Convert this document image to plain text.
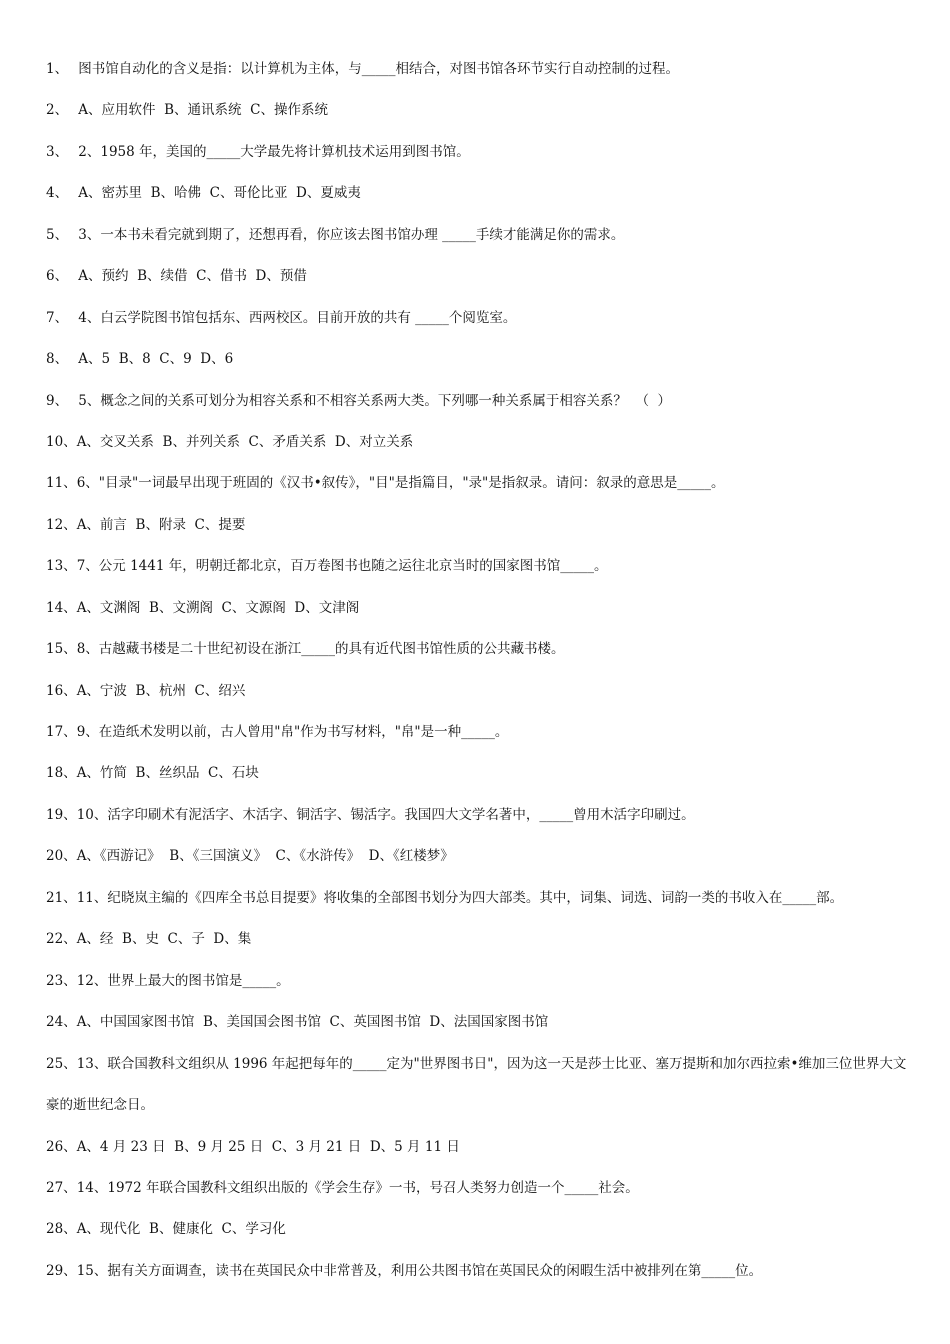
1、 图书馆自动化的含义是指：以计算机为主体，与_____相结合，对图书馆各环节实行自动控制的过程。
2、 A、应用软件  B、通讯系统  C、操作系统
3、 2、1958 年，美国的_____大学最先将计算机技术运用到图书馆。
4、 A、密苏里  B、哈佛  C、哥伦比亚  D、夏威夷
5、 3、一本书未看完就到期了，还想再看，你应该去图书馆办理 _____手续才能满足你的需求。
6、 A、预约  B、续借  C、借书  D、预借
7、 4、白云学院图书馆包括东、西两校区。目前开放的共有 _____个阅览室。
8、 A、5  B、8  C、9  D、6
9、 5、概念之间的关系可划分为相容关系和不相容关系两大类。下列哪一种关系属于相容关系？  （  ）
10、A、交叉关系  B、并列关系  C、矛盾关系  D、对立关系
11、6、"目录"一词最早出现于班固的《汉书•叙传》，"目"是指篇目，"录"是指叙录。请问：叙录的意思是_____。
12、A、前言  B、附录  C、提要
13、7、公元 1441 年，明朝迁都北京，百万卷图书也随之运往北京当时的国家图书馆_____。
14、A、文渊阁  B、文溯阁  C、文源阁  D、文津阁
15、8、古越藏书楼是二十世纪初设在浙江_____的具有近代图书馆性质的公共藏书楼。
16、A、宁波  B、杭州  C、绍兴
17、9、在造纸术发明以前，古人曾用"帛"作为书写材料，"帛"是一种_____。
18、A、竹简  B、丝织品  C、石块
19、10、活字印刷术有泥活字、木活字、铜活字、锡活字。我国四大文学名著中，_____曾用木活字印刷过。
20、A、《西游记》  B、《三国演义》  C、《水浒传》  D、《红楼梦》
21、11、纪晓岚主编的《四库全书总目提要》将收集的全部图书划分为四大部类。其中，词集、词选、词韵一类的书收入在_____部。
22、A、经  B、史  C、子  D、集
23、12、世界上最大的图书馆是_____。
24、A、中国国家图书馆  B、美国国会图书馆  C、英国图书馆  D、法国国家图书馆
25、13、联合国教科文组织从 1996 年起把每年的_____定为"世界图书日"，因为这一天是莎士比亚、塞万提斯和加尔西拉索•维加三位世界大文豪的逝世纪念日。
26、A、4 月 23 日  B、9 月 25 日  C、3 月 21 日  D、5 月 11 日
27、14、1972 年联合国教科文组织出版的《学会生存》一书，号召人类努力创造一个_____社会。
28、A、现代化  B、健康化  C、学习化
29、15、据有关方面调查，读书在英国民众中非常普及，利用公共图书馆在英国民众的闲暇生活中被排列在第_____位。
